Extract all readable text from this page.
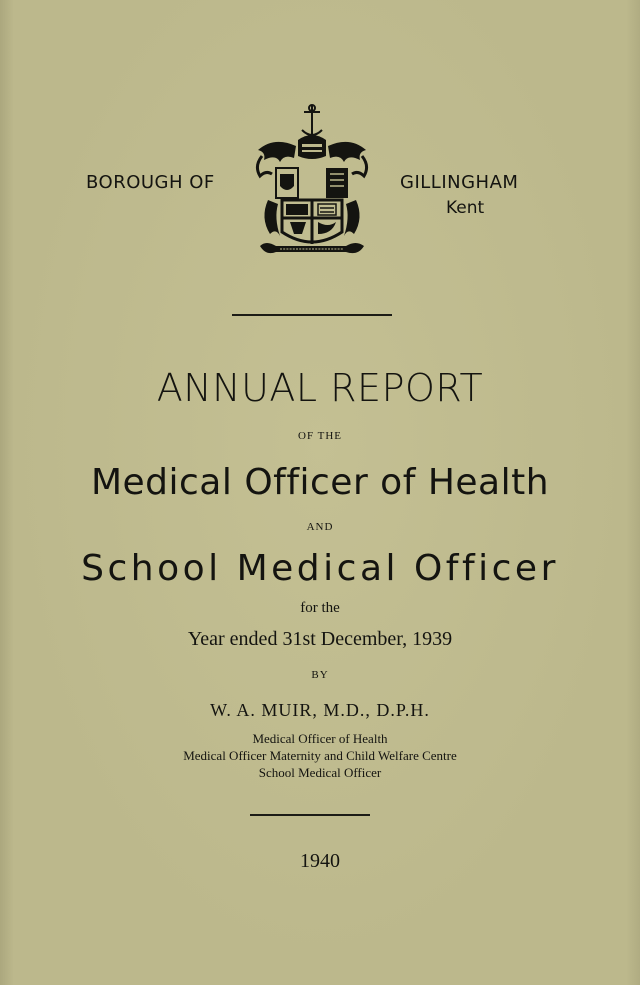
BOROUGH OF	GILLINGHAM
Kent
ANNUAL REPORT
OF THE
Medical Officer of Health
AND
School Medical Officer
for the
Year ended 31st December, 1939
BY
W. A. MUIR, M.D., D.P.H.
Medical Officer of Health
Medical Officer Maternity and Child Welfare Centre
School Medical Officer
1940
